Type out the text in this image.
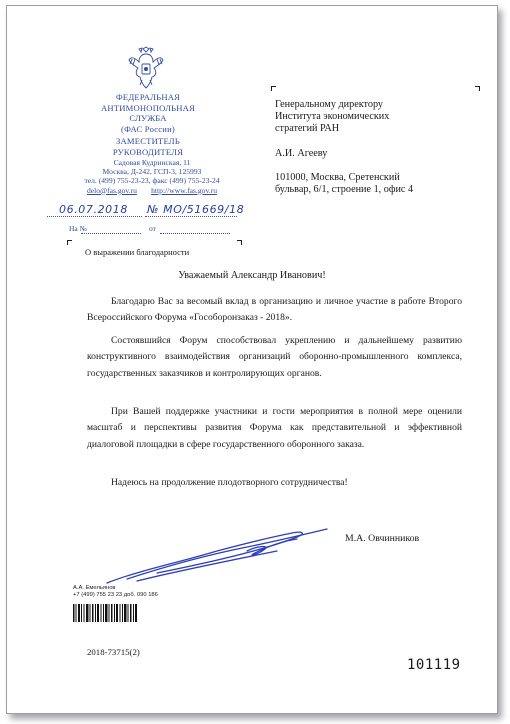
ФЕДЕРАЛЬНАЯ
АНТИМОНОПОЛЬНАЯ
СЛУЖБА
(ФАС России)
ЗАМЕСТИТЕЛЬ
РУКОВОДИТЕЛЯ
Садовая Кудринская, 11
Москва, Д-242, ГСП-3, 125993
тел. (499) 755-23-23, факс (499) 755-23-24
delo@fas.gov.ru http://www.fas.gov.ru
06.07.2018 № МО/51669/18
На №	от
О выражении благодарности
Генеральному директору
Института экономических
стратегий РАН
А.И. Агееву
101000, Москва, Сретенский
бульвар, 6/1, строение 1, офис 4
Уважаемый Александр Иванович!
Благодарю Вас за весомый вклад в организацию и личное участие в работе Второго Всероссийского Форума «Гособоронзаказ - 2018».
Состоявшийся Форум способствовал укреплению и дальнейшему развитию конструктивного взаимодействия организаций оборонно-промышленного комплекса, государственных заказчиков и контролирующих органов.
При Вашей поддержке участники и гости мероприятия в полной мере оценили масштаб и перспективы развития Форума как представительной и эффективной диалоговой площадки в сфере государственного оборонного заказа.
Надеюсь на продолжение плодотворного сотрудничества!
М.А. Овчинников
А.А. Емельянов
+7 (499) 755 23 23 доб. 090 186
2018-73715(2)
101119
